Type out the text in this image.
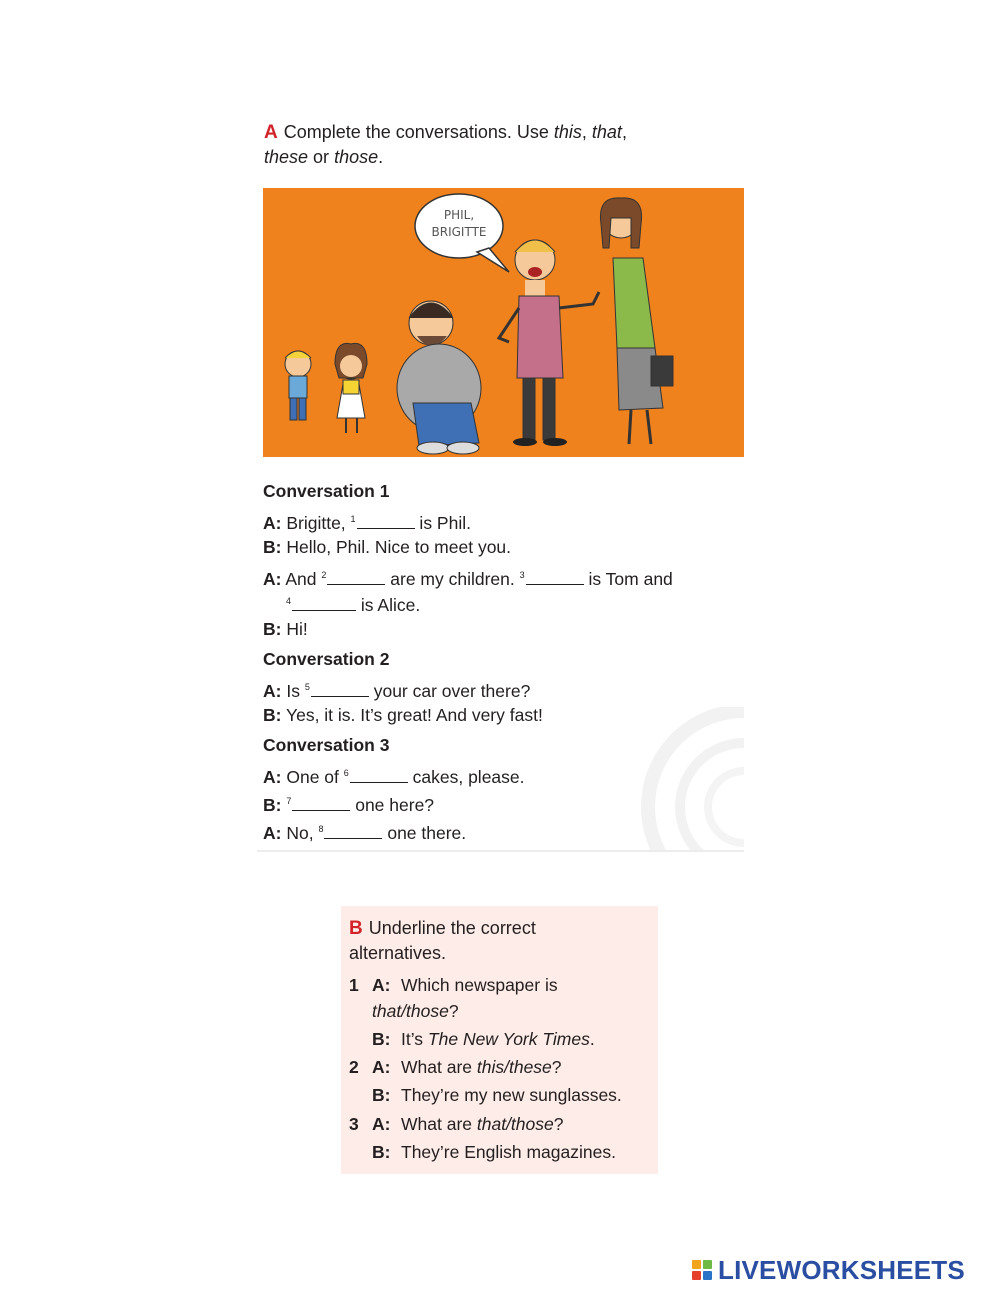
A Complete the conversations. Use this, that,
these or those.
PHIL,
BRIGITTE
Conversation 1
A: Brigitte, $^1$	is Phil.
B: Hello, Phil. Nice to meet you.
A: And $^2$	are my children. $^3$	is Tom and
$^4$	is Alice.
B: Hi!
Conversation 2
A: Is $^5$	your car over there?
B: Yes, it is. It’s great! And very fast!
Conversation 3
A: One of $^6$	cakes, please.
B: $^7$	one here?
A: No, $^8$	one there.
B Underline the correct
alternatives.
1 A: Which newspaper is
that/those?
B: It’s The New York Times.
2 A: What are this/these?
B: They’re my new sunglasses.
3 A: What are that/those?
B: They’re English magazines.
LIVEWORKSHEETS
